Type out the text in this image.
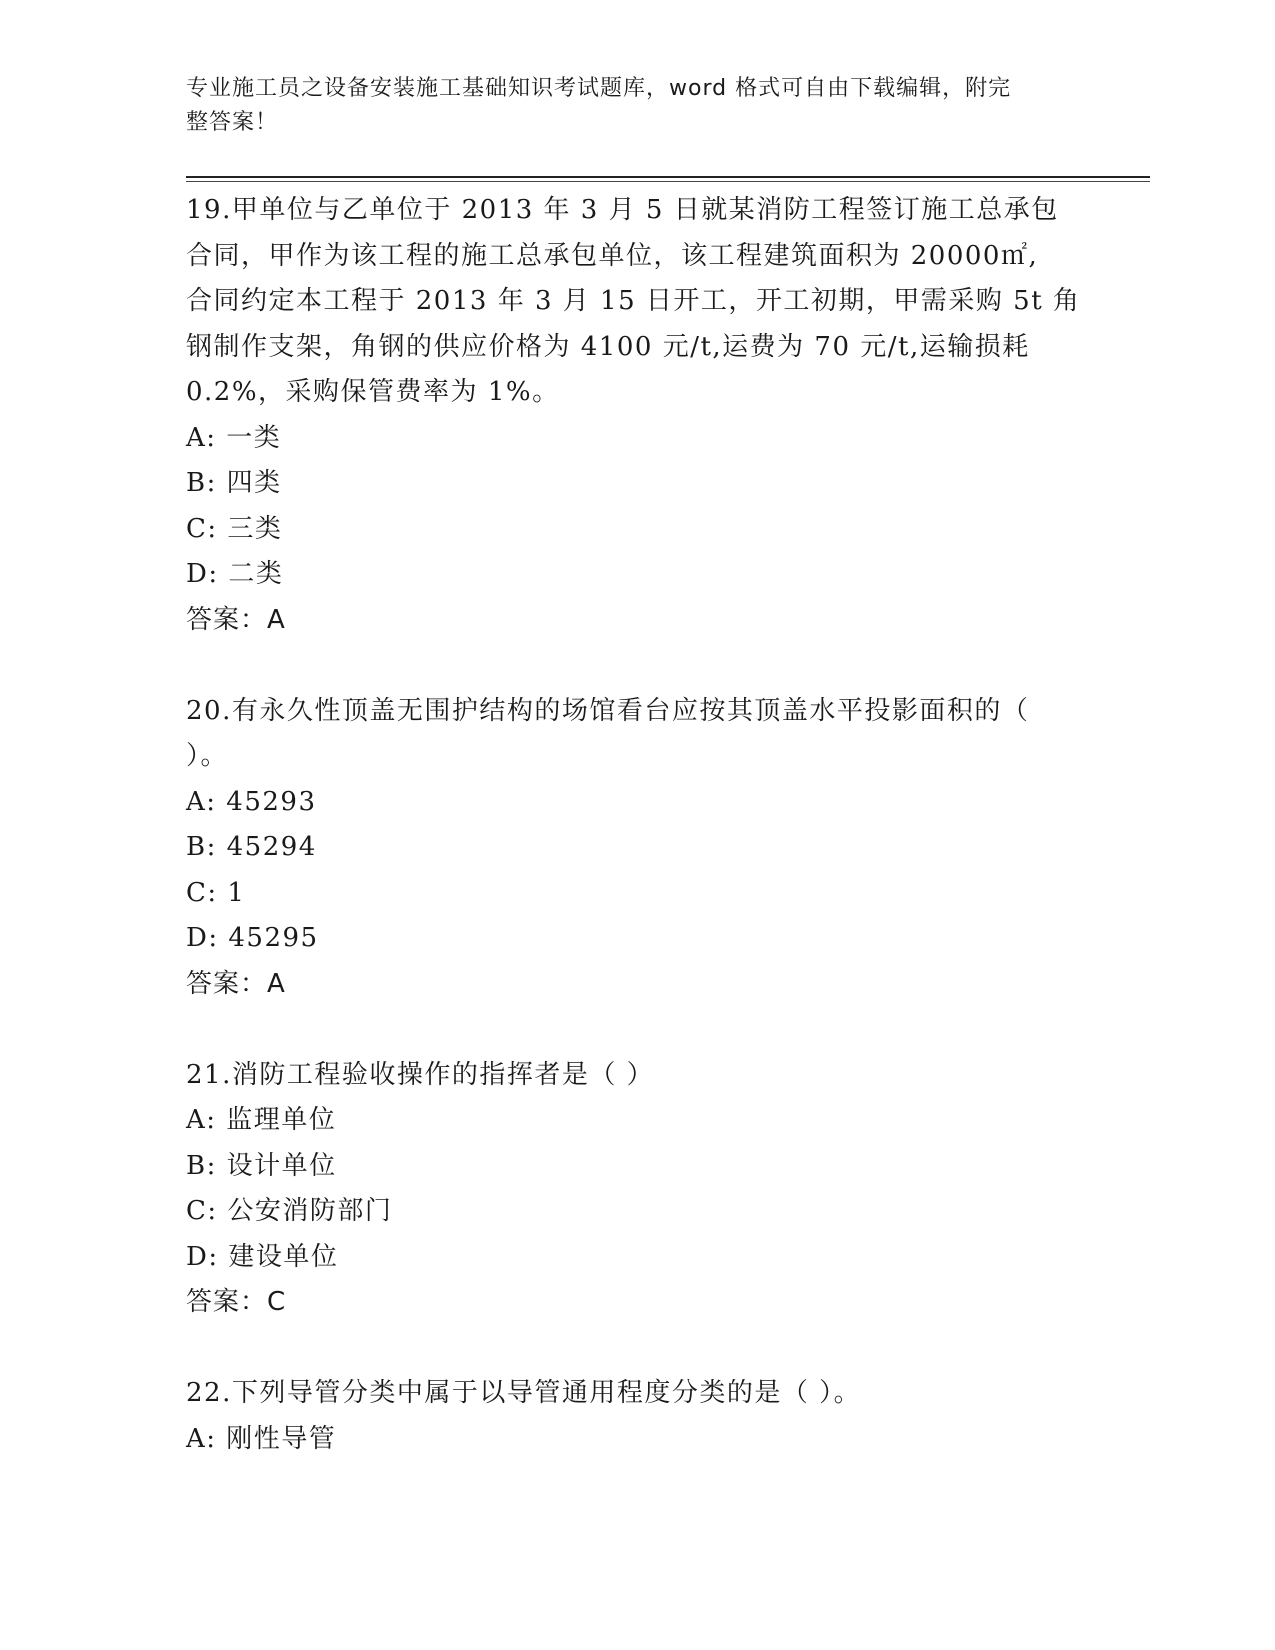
专业施工员之设备安装施工基础知识考试题库，word 格式可自由下载编辑，附完
整答案！
19.甲单位与乙单位于 2013 年 3 月 5 日就某消防工程签订施工总承包
合同，甲作为该工程的施工总承包单位，该工程建筑面积为 20000㎡,
合同约定本工程于 2013 年 3 月 15 日开工，开工初期，甲需采购 5t 角
钢制作支架，角钢的供应价格为 4100 元/t,运费为 70 元/t,运输损耗
0.2%，采购保管费率为 1%。
A: 一类
B: 四类
C: 三类
D: 二类
答案：A
20.有永久性顶盖无围护结构的场馆看台应按其顶盖水平投影面积的（
）。
A: 45293
B: 45294
C: 1
D: 45295
答案：A
21.消防工程验收操作的指挥者是（ ）
A: 监理单位
B: 设计单位
C: 公安消防部门
D: 建设单位
答案：C
22.下列导管分类中属于以导管通用程度分类的是（ ）。
A: 刚性导管
